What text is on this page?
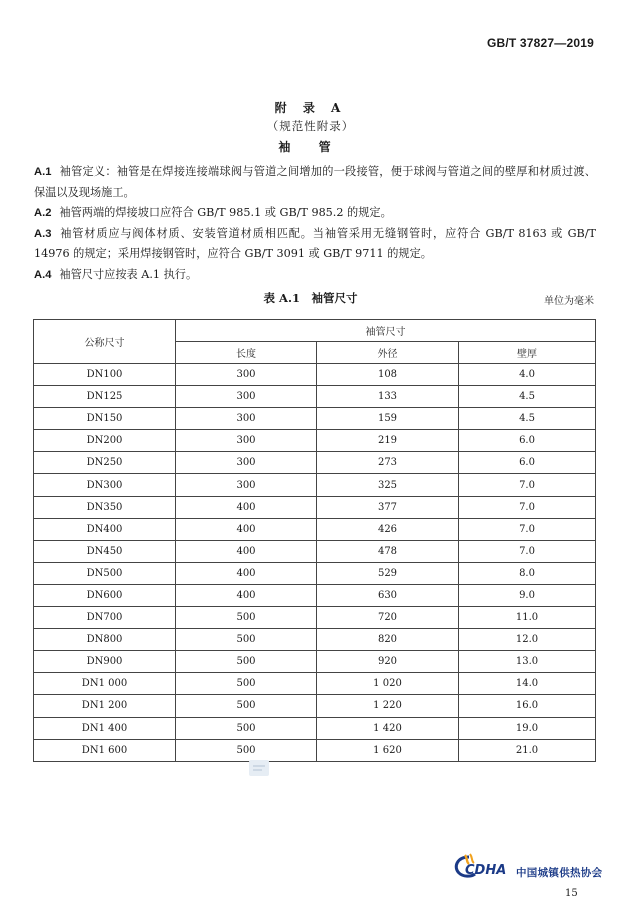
GB/T 37827—2019
附 录 A
（规范性附录）
袖 管

A.1 袖管定义：袖管是在焊接连接端球阀与管道之间增加的一段接管，便于球阀与管道之间的壁厚和材质过渡、保温以及现场施工。

A.2 袖管两端的焊接坡口应符合 GB/T 985.1 或 GB/T 985.2 的规定。

A.3 袖管材质应与阀体材质、安装管道材质相匹配。当袖管采用无缝钢管时，应符合 GB/T 8163 或 GB/T 14976 的规定；采用焊接钢管时，应符合 GB/T 3091 或 GB/T 9711 的规定。

A.4 袖管尺寸应按表 A.1 执行。

表 A.1　袖管尺寸	单位为毫米
公称尺寸	袖管尺寸		
	长度	外径	壁厚
DN100	300	108	4.0
DN125	300	133	4.5
DN150	300	159	4.5
DN200	300	219	6.0
DN250	300	273	6.0
DN300	300	325	7.0
DN350	400	377	7.0
DN400	400	426	7.0
DN450	400	478	7.0
DN500	400	529	8.0
DN600	400	630	9.0
DN700	500	720	11.0
DN800	500	820	12.0
DN900	500	920	13.0
DN1 000	500	1 020	14.0
DN1 200	500	1 220	16.0
DN1 400	500	1 420	19.0
DN1 600	500	1 620	21.0
CDHA 中国城镇供热协会
15
